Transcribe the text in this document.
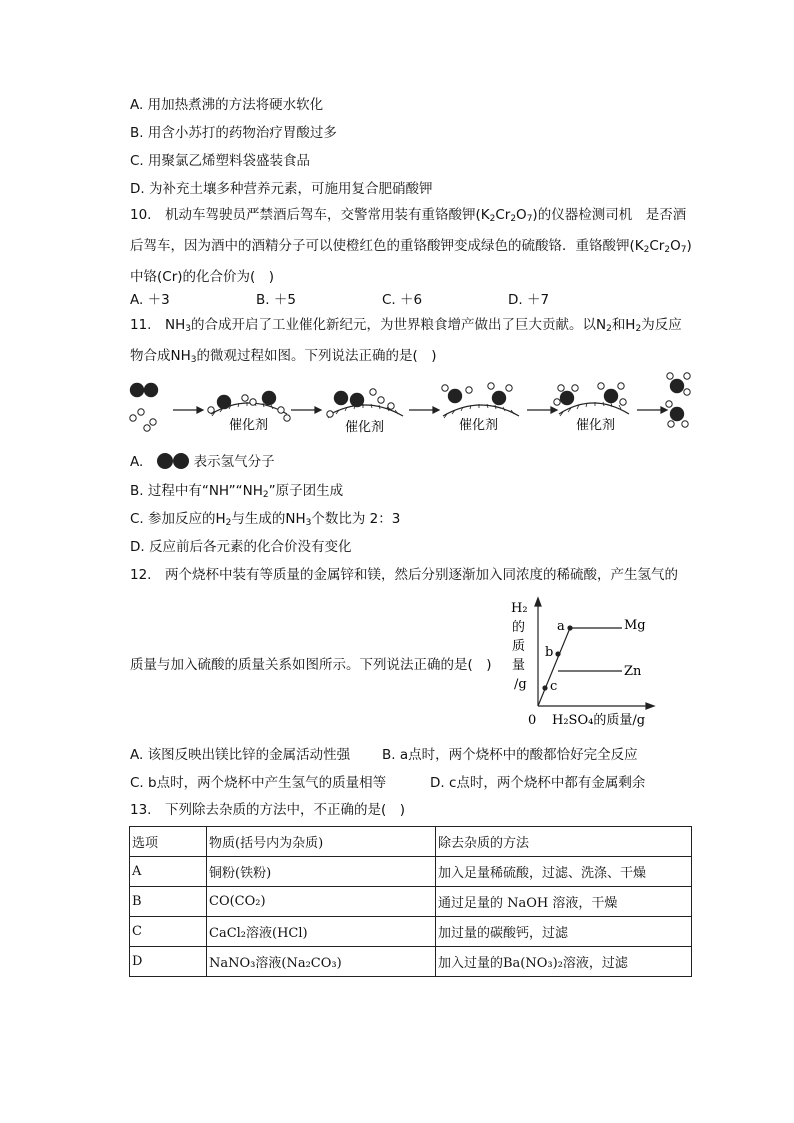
A. 用加热煮沸的方法将硬水软化
B. 用含小苏打的药物治疗胃酸过多
C. 用聚氯乙烯塑料袋盛装食品
D. 为补充土壤多种营养元素，可施用复合肥硝酸钾
10.　机动车驾驶员严禁酒后驾车，交警常用装有重铬酸钾$(K_2Cr_2O_7)$的仪器检测司机　是否酒后驾车，因为酒中的酒精分子可以使橙红色的重铬酸钾变成绿色的硫酸铬．重铬酸钾$(K_2Cr_2O_7)$中铬(Cr)的化合价为(　)
A. ＋3	B. ＋5	C. ＋6	D. ＋7
11.　$NH_3$的合成开启了工业催化新纪元，为世界粮食增产做出了巨大贡献。以$N_2$和$H_2$为反应物合成$NH_3$的微观过程如图。下列说法正确的是(　)
催化剂	催化剂	催化剂	催化剂
A.	表示氢气分子
B. 过程中有“$NH”“NH_2$”原子团生成
C. 参加反应的$H_2$与生成的$NH_3$个数比为 2：3
D. 反应前后各元素的化合价没有变化
12.　两个烧杯中装有等质量的金属锌和镁，然后分别逐渐加入同浓度的稀硫酸，产生氢气的
质量与加入硫酸的质量关系如图所示。下列说法正确的是(　)
H₂
的
质
量
/g
0 H₂SO₄的质量/g
Mg
Zn
a
b
c
A. 该图反映出镁比锌的金属活动性强 B. a点时，两个烧杯中的酸都恰好完全反应
C. b点时，两个烧杯中产生氢气的质量相等	D. c点时，两个烧杯中都有金属剩余
13.　下列除去杂质的方法中，不正确的是(　)
选项	物质(括号内为杂质)	除去杂质的方法
A	铜粉(铁粉)	加入足量稀硫酸，过滤、洗涤、干燥
B	CO(CO₂)	通过足量的 NaOH 溶液，干燥
C	CaCl₂溶液(HCl)	加过量的碳酸钙，过滤
D	NaNO₃溶液(Na₂CO₃)	加入过量的Ba(NO₃)₂溶液，过滤
